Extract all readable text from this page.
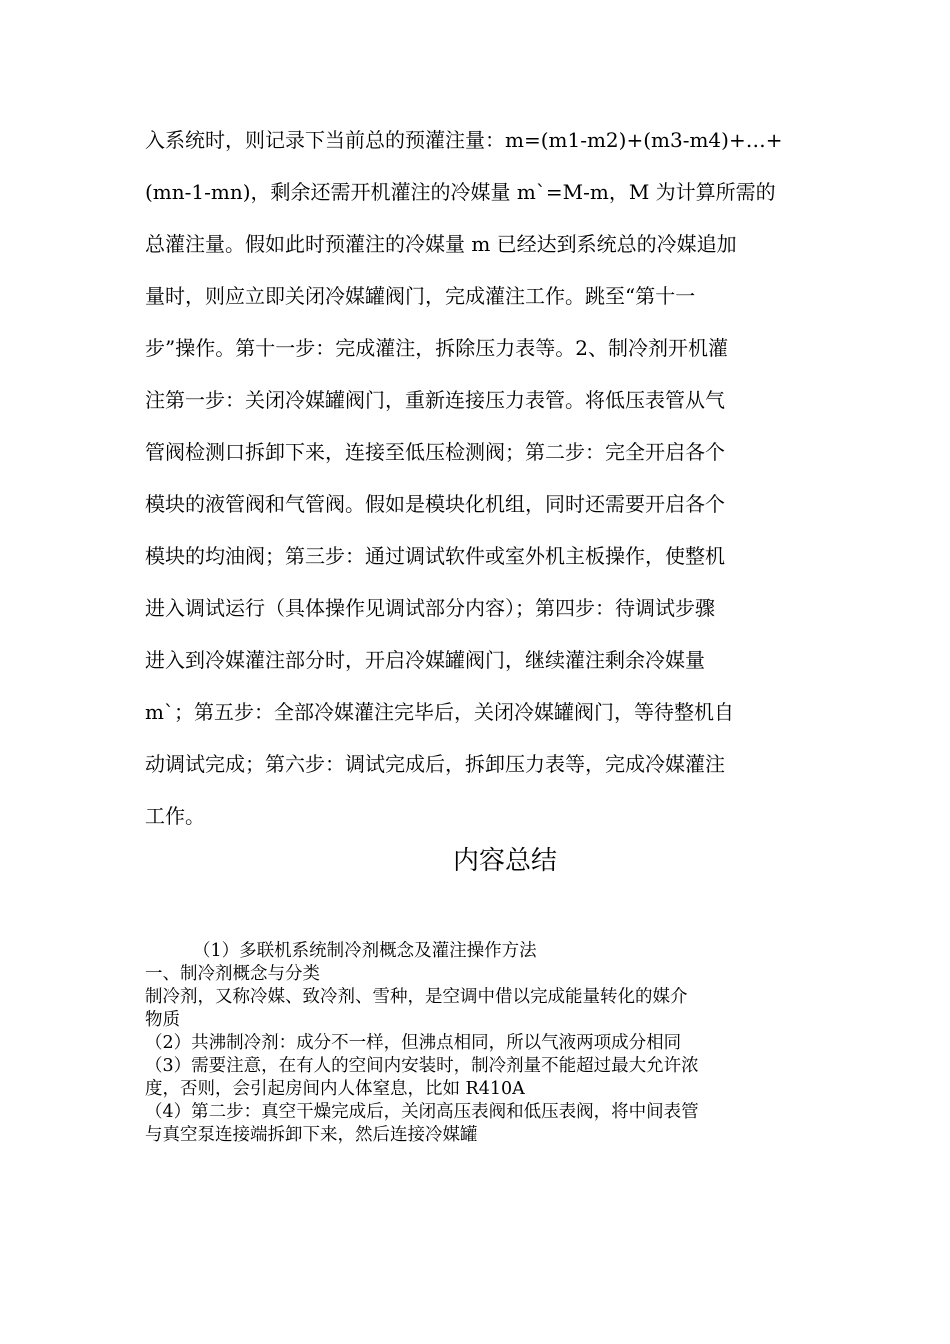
入系统时，则记录下当前总的预灌注量：m=(m1-m2)+(m3-m4)+…+
(mn-1-mn)，剩余还需开机灌注的冷媒量 m`=M-m，M 为计算所需的
总灌注量。假如此时预灌注的冷媒量 m 已经达到系统总的冷媒追加
量时，则应立即关闭冷媒罐阀门，完成灌注工作。跳至“第十一
步”操作。第十一步：完成灌注，拆除压力表等。2、制冷剂开机灌
注第一步：关闭冷媒罐阀门，重新连接压力表管。将低压表管从气
管阀检测口拆卸下来，连接至低压检测阀；第二步：完全开启各个
模块的液管阀和气管阀。假如是模块化机组，同时还需要开启各个
模块的均油阀；第三步：通过调试软件或室外机主板操作，使整机
进入调试运行（具体操作见调试部分内容）；第四步：待调试步骤
进入到冷媒灌注部分时，开启冷媒罐阀门，继续灌注剩余冷媒量
m`；第五步：全部冷媒灌注完毕后，关闭冷媒罐阀门，等待整机自
动调试完成；第六步：调试完成后，拆卸压力表等，完成冷媒灌注
工作。
内容总结
（1）多联机系统制冷剂概念及灌注操作方法
一、制冷剂概念与分类
制冷剂，又称冷媒、致冷剂、雪种，是空调中借以完成能量转化的媒介
物质
（2）共沸制冷剂：成分不一样，但沸点相同，所以气液两项成分相同
（3）需要注意，在有人的空间内安装时，制冷剂量不能超过最大允许浓
度，否则，会引起房间内人体窒息，比如 R410A
（4）第二步：真空干燥完成后，关闭高压表阀和低压表阀，将中间表管
与真空泵连接端拆卸下来，然后连接冷媒罐
